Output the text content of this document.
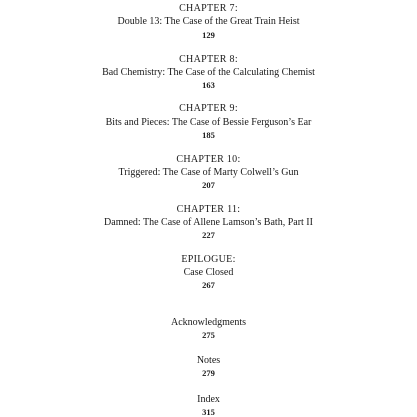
CHAPTER 7:
Double 13: The Case of the Great Train Heist
129
CHAPTER 8:
Bad Chemistry: The Case of the Calculating Chemist
163
CHAPTER 9:
Bits and Pieces: The Case of Bessie Ferguson’s Ear
185
CHAPTER 10:
Triggered: The Case of Marty Colwell’s Gun
207
CHAPTER 11:
Damned: The Case of Allene Lamson’s Bath, Part II
227
EPILOGUE:
Case Closed
267
Acknowledgments
275
Notes
279
Index
315
